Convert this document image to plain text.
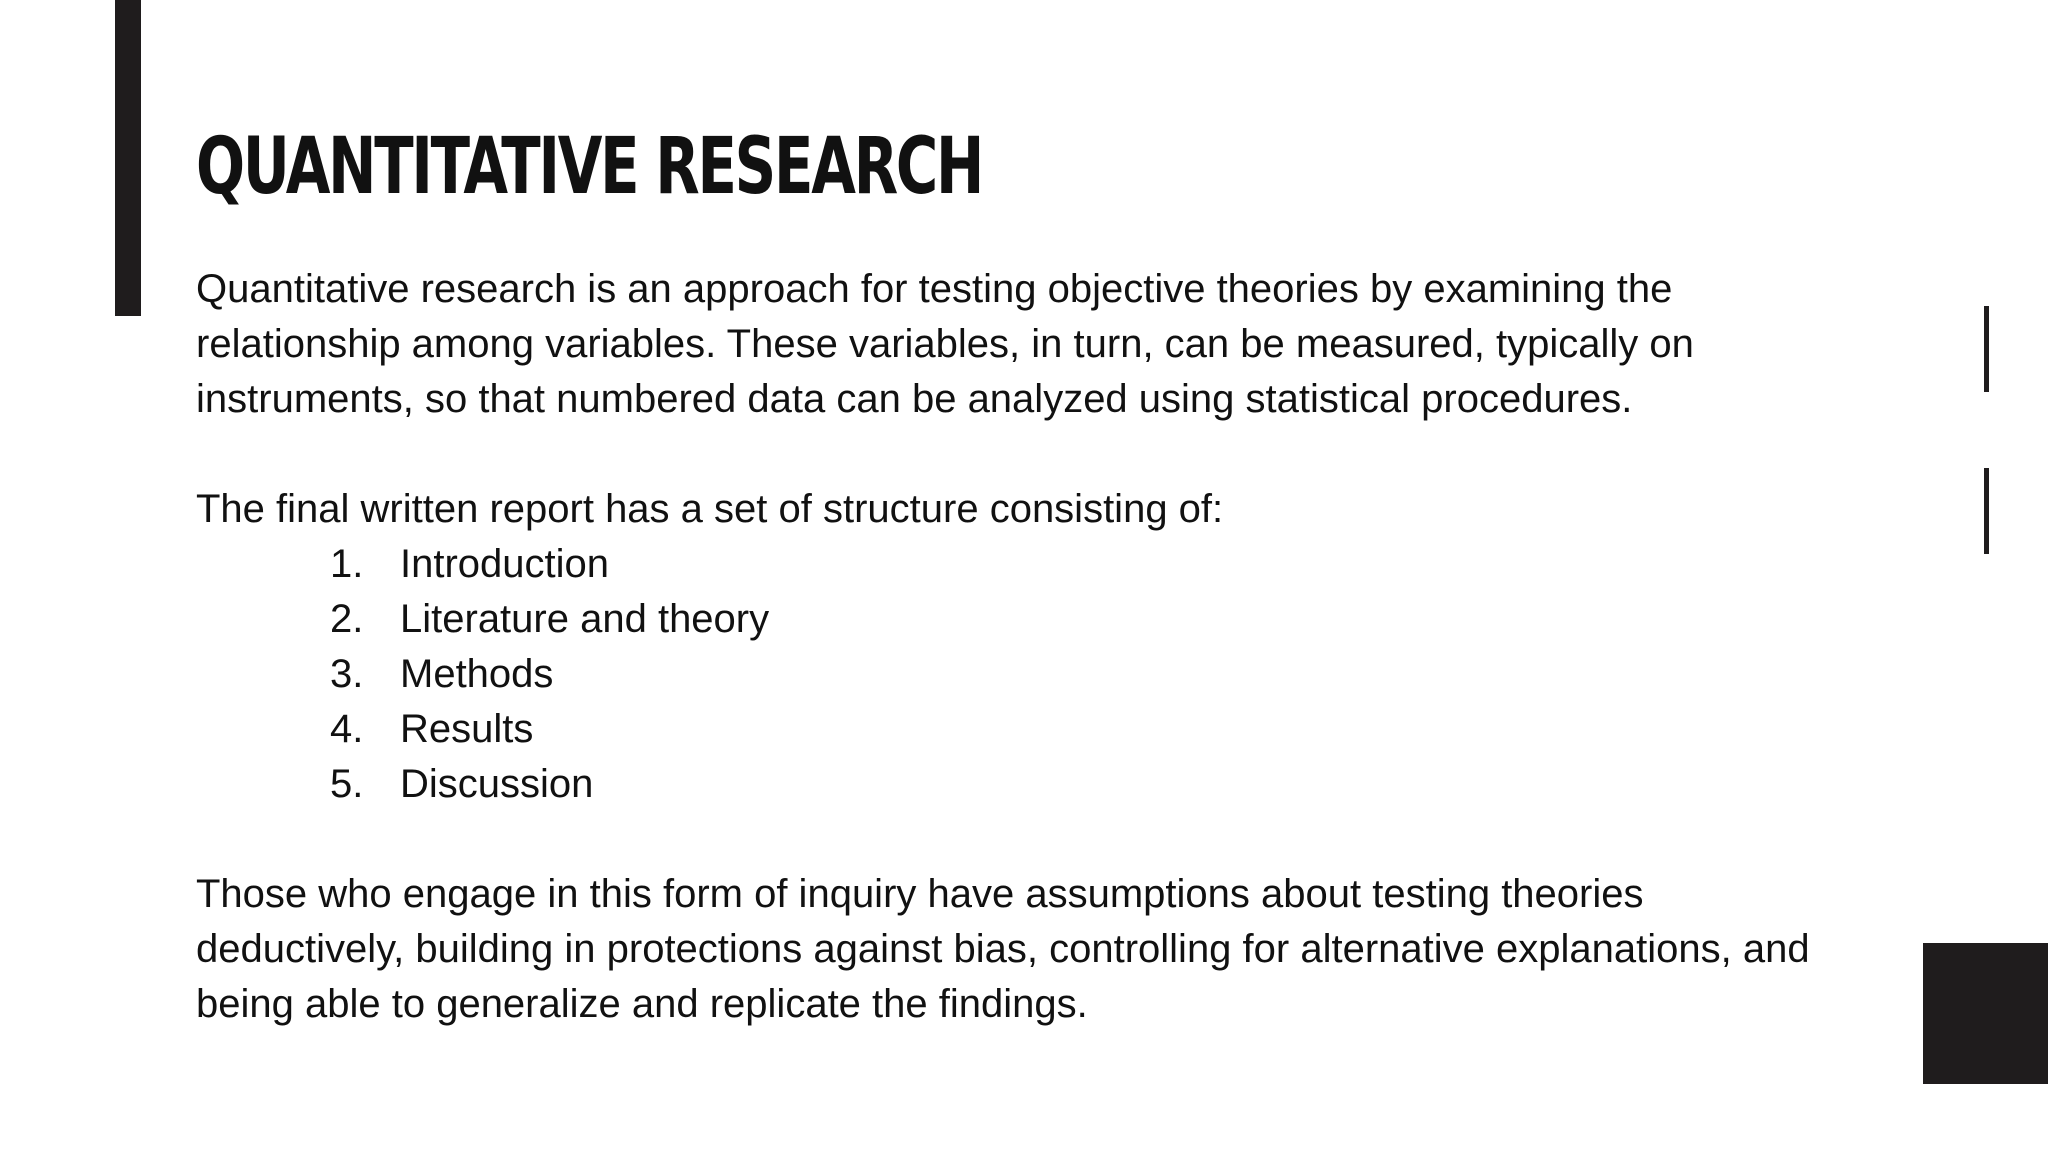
QUANTITATIVE RESEARCH

Quantitative research is an approach for testing objective theories by examining the relationship among variables. These variables, in turn, can be measured, typically on instruments, so that numbered data can be analyzed using statistical procedures.

The final written report has a set of structure consisting of:

1. Introduction
2. Literature and theory
3. Methods
4. Results
5. Discussion

Those who engage in this form of inquiry have assumptions about testing theories deductively, building in protections against bias, controlling for alternative explanations, and being able to generalize and replicate the findings.
